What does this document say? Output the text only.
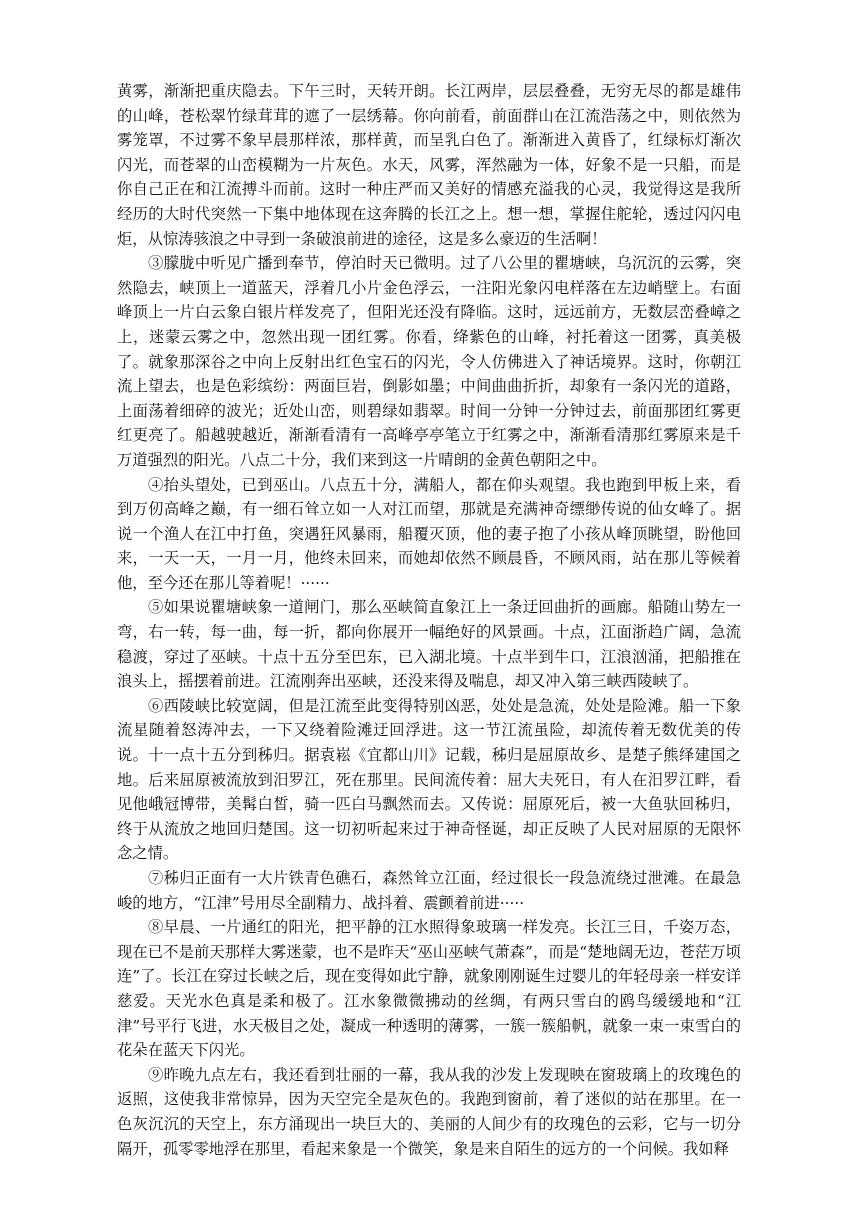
黄雾，渐渐把重庆隐去。下午三时，天转开朗。长江两岸，层层叠叠，无穷无尽的都是雄伟的山峰，苍松翠竹绿茸茸的遮了一层绣幕。你向前看，前面群山在江流浩荡之中，则依然为雾笼罩，不过雾不象早晨那样浓，那样黄，而呈乳白色了。渐渐进入黄昏了，红绿标灯渐次闪光，而苍翠的山峦模糊为一片灰色。水天，风雾，浑然融为一体，好象不是一只船，而是你自己正在和江流搏斗而前。这时一种庄严而又美好的情感充溢我的心灵，我觉得这是我所经历的大时代突然一下集中地体现在这奔腾的长江之上。想一想，掌握住舵轮，透过闪闪电炬，从惊涛骇浪之中寻到一条破浪前进的途径，这是多么豪迈的生活啊！

③朦胧中听见广播到奉节，停泊时天已微明。过了八公里的瞿塘峡，乌沉沉的云雾，突然隐去，峡顶上一道蓝天，浮着几小片金色浮云，一注阳光象闪电样落在左边峭壁上。右面峰顶上一片白云象白银片样发亮了，但阳光还没有降临。这时，远远前方，无数层峦叠嶂之上，迷蒙云雾之中，忽然出现一团红雾。你看，绛紫色的山峰，衬托着这一团雾，真美极了。就象那深谷之中向上反射出红色宝石的闪光，令人仿佛进入了神话境界。这时，你朝江流上望去，也是色彩缤纷：两面巨岩，倒影如墨；中间曲曲折折，却象有一条闪光的道路，上面荡着细碎的波光；近处山峦，则碧绿如翡翠。时间一分钟一分钟过去，前面那团红雾更红更亮了。船越驶越近，渐渐看清有一高峰亭亭笔立于红雾之中，渐渐看清那红雾原来是千万道强烈的阳光。八点二十分，我们来到这一片晴朗的金黄色朝阳之中。

④抬头望处，已到巫山。八点五十分，满船人，都在仰头观望。我也跑到甲板上来，看到万仞高峰之巅，有一细石耸立如一人对江而望，那就是充满神奇缥缈传说的仙女峰了。据说一个渔人在江中打鱼，突遇狂风暴雨，船覆灭顶，他的妻子抱了小孩从峰顶眺望，盼他回来，一天一天，一月一月，他终未回来，而她却依然不顾晨昏，不顾风雨，站在那儿等候着他，至今还在那儿等着呢！······

⑤如果说瞿塘峡象一道闸门，那么巫峡简直象江上一条迂回曲折的画廊。船随山势左一弯，右一转，每一曲，每一折，都向你展开一幅绝好的风景画。十点，江面浙趋广阔，急流稳渡，穿过了巫峡。十点十五分至巴东，已入湖北境。十点半到牛口，江浪汹涌，把船推在浪头上，摇摆着前进。江流刚奔出巫峡，还没来得及喘息，却又冲入第三峡西陵峡了。

⑥西陵峡比较宽阔，但是江流至此变得特别凶恶，处处是急流，处处是险滩。船一下象流星随着怒涛冲去，一下又绕着险滩迂回浮进。这一节江流虽险，却流传着无数优美的传说。十一点十五分到秭归。据袁崧《宜都山川》记载，秭归是屈原故乡、是楚子熊绎建国之地。后来屈原被流放到汨罗江，死在那里。民间流传着：屈大夫死日，有人在汨罗江畔，看见他峨冠博带，美髯白皙，骑一匹白马飘然而去。又传说：屈原死后，被一大鱼驮回秭归，终于从流放之地回归楚国。这一切初听起来过于神奇怪诞，却正反映了人民对屈原的无限怀念之情。

⑦秭归正面有一大片铁青色礁石，森然耸立江面，经过很长一段急流绕过泄滩。在最急峻的地方，“江津”号用尽全副精力、战抖着、震颤着前进·····

⑧早晨、一片通红的阳光，把平静的江水照得象玻璃一样发亮。长江三日，千姿万态，现在已不是前天那样大雾迷蒙，也不是昨天“巫山巫峡气萧森”，而是“楚地阔无边，苍茫万顷连”了。长江在穿过长峡之后，现在变得如此宁静，就象刚刚诞生过婴儿的年轻母亲一样安详慈爱。天光水色真是柔和极了。江水象微微拂动的丝绸，有两只雪白的鸥鸟缓缓地和“江津”号平行飞进，水天极目之处，凝成一种透明的薄雾，一簇一簇船帆，就象一束一束雪白的花朵在蓝天下闪光。

⑨昨晚九点左右，我还看到壮丽的一幕，我从我的沙发上发现映在窗玻璃上的玫瑰色的返照，这使我非常惊异，因为天空完全是灰色的。我跑到窗前，着了迷似的站在那里。在一色灰沉沉的天空上，东方涌现出一块巨大的、美丽的人间少有的玫瑰色的云彩，它与一切分隔开，孤零零地浮在那里，看起来象是一个微笑，象是来自陌生的远方的一个问候。我如释
